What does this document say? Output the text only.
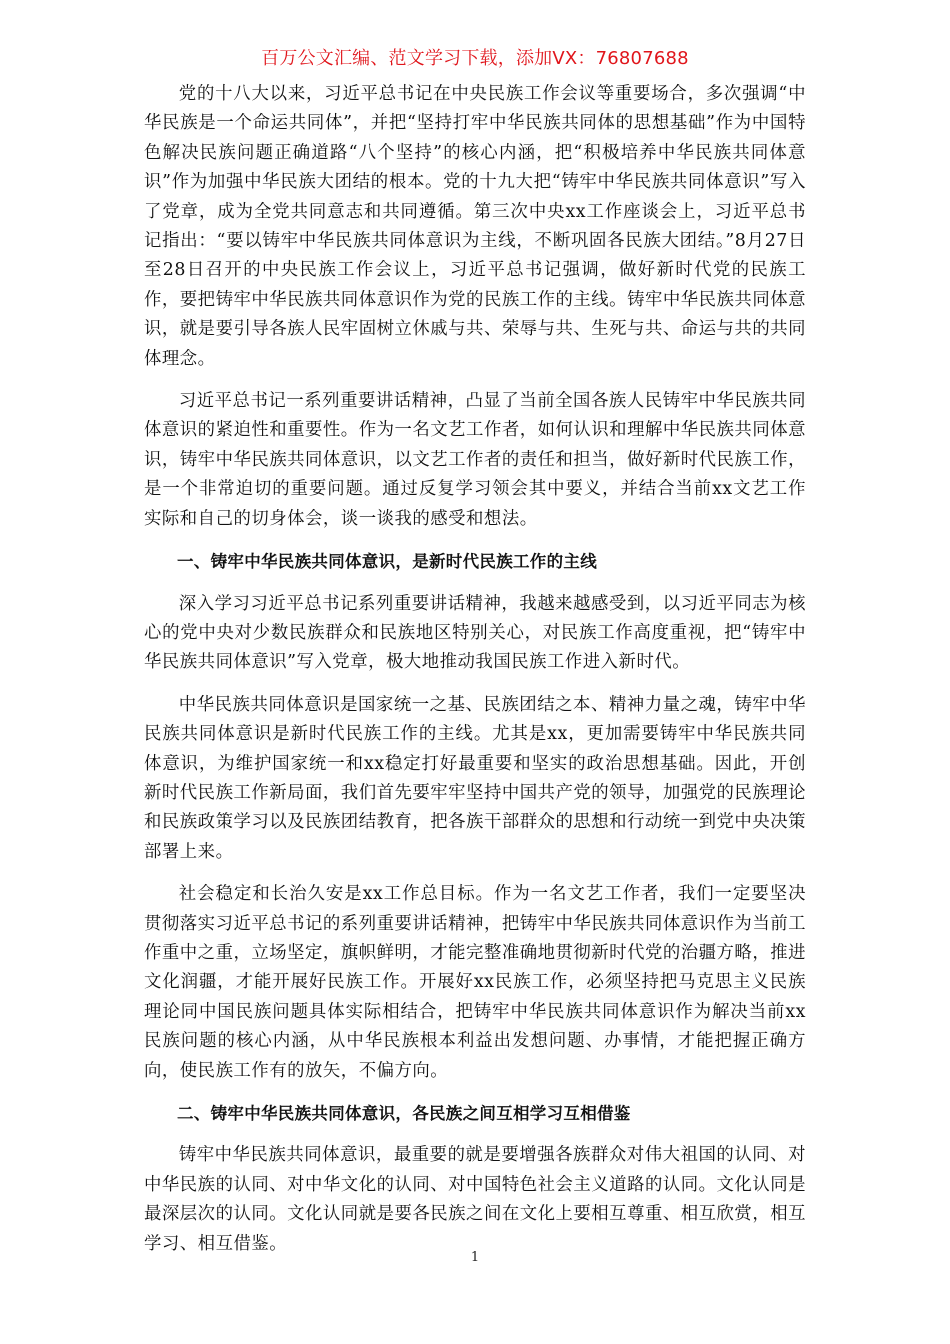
百万公文汇编、范文学习下载，添加VX：76807688

党的十八大以来，习近平总书记在中央民族工作会议等重要场合，多次强调“中华民族是一个命运共同体”，并把“坚持打牢中华民族共同体的思想基础”作为中国特色解决民族问题正确道路“八个坚持”的核心内涵，把“积极培养中华民族共同体意识”作为加强中华民族大团结的根本。党的十九大把“铸牢中华民族共同体意识”写入了党章，成为全党共同意志和共同遵循。第三次中央xx工作座谈会上，习近平总书记指出：“要以铸牢中华民族共同体意识为主线，不断巩固各民族大团结。”8月27日至28日召开的中央民族工作会议上，习近平总书记强调，做好新时代党的民族工作，要把铸牢中华民族共同体意识作为党的民族工作的主线。铸牢中华民族共同体意识，就是要引导各族人民牢固树立休戚与共、荣辱与共、生死与共、命运与共的共同体理念。

习近平总书记一系列重要讲话精神，凸显了当前全国各族人民铸牢中华民族共同体意识的紧迫性和重要性。作为一名文艺工作者，如何认识和理解中华民族共同体意识，铸牢中华民族共同体意识，以文艺工作者的责任和担当，做好新时代民族工作，是一个非常迫切的重要问题。通过反复学习领会其中要义，并结合当前xx文艺工作实际和自己的切身体会，谈一谈我的感受和想法。

一、铸牢中华民族共同体意识，是新时代民族工作的主线

深入学习习近平总书记系列重要讲话精神，我越来越感受到，以习近平同志为核心的党中央对少数民族群众和民族地区特别关心，对民族工作高度重视，把“铸牢中华民族共同体意识”写入党章，极大地推动我国民族工作进入新时代。

中华民族共同体意识是国家统一之基、民族团结之本、精神力量之魂，铸牢中华民族共同体意识是新时代民族工作的主线。尤其是xx，更加需要铸牢中华民族共同体意识，为维护国家统一和xx稳定打好最重要和坚实的政治思想基础。因此，开创新时代民族工作新局面，我们首先要牢牢坚持中国共产党的领导，加强党的民族理论和民族政策学习以及民族团结教育，把各族干部群众的思想和行动统一到党中央决策部署上来。

社会稳定和长治久安是xx工作总目标。作为一名文艺工作者，我们一定要坚决贯彻落实习近平总书记的系列重要讲话精神，把铸牢中华民族共同体意识作为当前工作重中之重，立场坚定，旗帜鲜明，才能完整准确地贯彻新时代党的治疆方略，推进文化润疆，才能开展好民族工作。开展好xx民族工作，必须坚持把马克思主义民族理论同中国民族问题具体实际相结合，把铸牢中华民族共同体意识作为解决当前xx民族问题的核心内涵，从中华民族根本利益出发想问题、办事情，才能把握正确方向，使民族工作有的放矢，不偏方向。

二、铸牢中华民族共同体意识，各民族之间互相学习互相借鉴

铸牢中华民族共同体意识，最重要的就是要增强各族群众对伟大祖国的认同、对中华民族的认同、对中华文化的认同、对中国特色社会主义道路的认同。文化认同是最深层次的认同。文化认同就是要各民族之间在文化上要相互尊重、相互欣赏，相互学习、相互借鉴。

1
